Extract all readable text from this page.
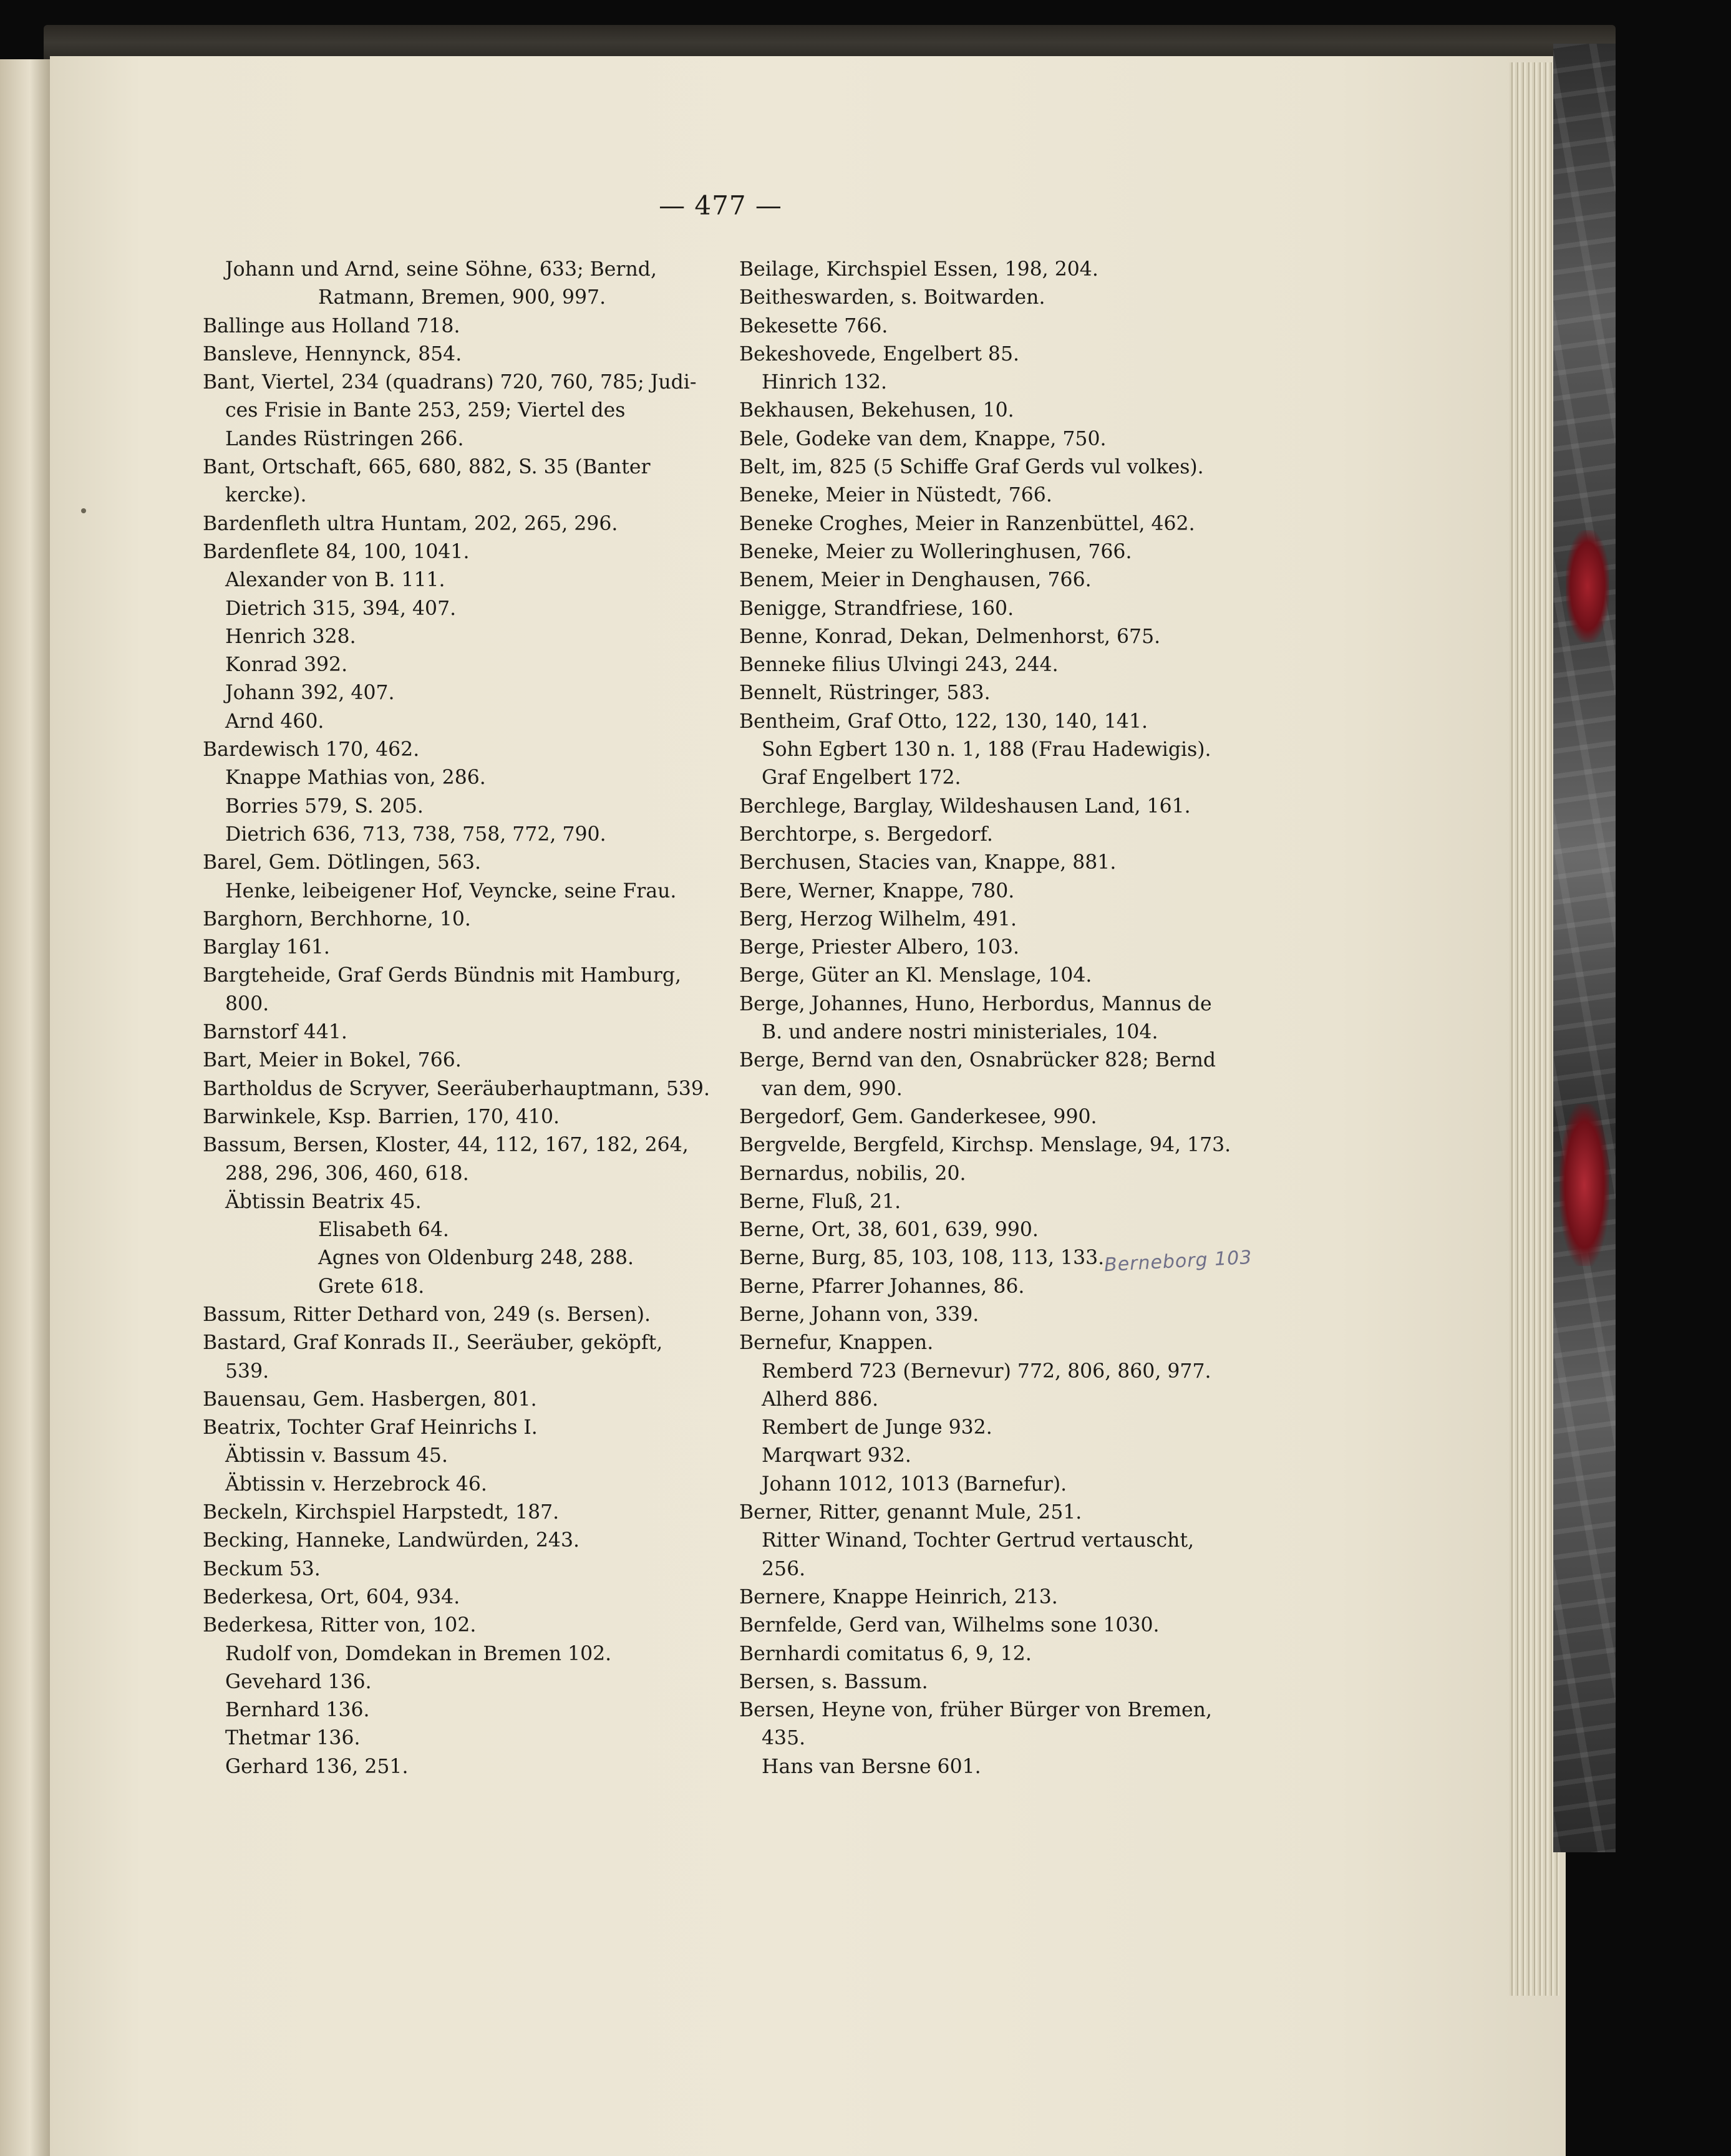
— 477 —
Johann und Arnd, seine Söhne, 633; Bernd,
Ratmann, Bremen, 900, 997.
Ballinge aus Holland 718.
Bansleve, Hennynck, 854.
Bant, Viertel, 234 (quadrans) 720, 760, 785; Judi-
ces Frisie in Bante 253, 259; Viertel des
Landes Rüstringen 266.
Bant, Ortschaft, 665, 680, 882, S. 35 (Banter
kercke).
Bardenfleth ultra Huntam, 202, 265, 296.
Bardenflete 84, 100, 1041.
Alexander von B. 111.
Dietrich 315, 394, 407.
Henrich 328.
Konrad 392.
Johann 392, 407.
Arnd 460.
Bardewisch 170, 462.
Knappe Mathias von, 286.
Borries 579, S. 205.
Dietrich 636, 713, 738, 758, 772, 790.
Barel, Gem. Dötlingen, 563.
Henke, leibeigener Hof, Veyncke, seine Frau.
Barghorn, Berchhorne, 10.
Barglay 161.
Bargteheide, Graf Gerds Bündnis mit Hamburg,
800.
Barnstorf 441.
Bart, Meier in Bokel, 766.
Bartholdus de Scryver, Seeräuberhauptmann, 539.
Barwinkele, Ksp. Barrien, 170, 410.
Bassum, Bersen, Kloster, 44, 112, 167, 182, 264,
288, 296, 306, 460, 618.
Äbtissin Beatrix 45.
Elisabeth 64.
Agnes von Oldenburg 248, 288.
Grete 618.
Bassum, Ritter Dethard von, 249 (s. Bersen).
Bastard, Graf Konrads II., Seeräuber, geköpft,
539.
Bauensau, Gem. Hasbergen, 801.
Beatrix, Tochter Graf Heinrichs I.
Äbtissin v. Bassum 45.
Äbtissin v. Herzebrock 46.
Beckeln, Kirchspiel Harpstedt, 187.
Becking, Hanneke, Landwürden, 243.
Beckum 53.
Bederkesa, Ort, 604, 934.
Bederkesa, Ritter von, 102.
Rudolf von, Domdekan in Bremen 102.
Gevehard 136.
Bernhard 136.
Thetmar 136.
Gerhard 136, 251.
Beilage, Kirchspiel Essen, 198, 204.
Beitheswarden, s. Boitwarden.
Bekesette 766.
Bekeshovede, Engelbert 85.
Hinrich 132.
Bekhausen, Bekehusen, 10.
Bele, Godeke van dem, Knappe, 750.
Belt, im, 825 (5 Schiffe Graf Gerds vul volkes).
Beneke, Meier in Nüstedt, 766.
Beneke Croghes, Meier in Ranzenbüttel, 462.
Beneke, Meier zu Wolleringhusen, 766.
Benem, Meier in Denghausen, 766.
Benigge, Strandfriese, 160.
Benne, Konrad, Dekan, Delmenhorst, 675.
Benneke filius Ulvingi 243, 244.
Bennelt, Rüstringer, 583.
Bentheim, Graf Otto, 122, 130, 140, 141.
Sohn Egbert 130 n. 1, 188 (Frau Hadewigis).
Graf Engelbert 172.
Berchlege, Barglay, Wildeshausen Land, 161.
Berchtorpe, s. Bergedorf.
Berchusen, Stacies van, Knappe, 881.
Bere, Werner, Knappe, 780.
Berg, Herzog Wilhelm, 491.
Berge, Priester Albero, 103.
Berge, Güter an Kl. Menslage, 104.
Berge, Johannes, Huno, Herbordus, Mannus de
B. und andere nostri ministeriales, 104.
Berge, Bernd van den, Osnabrücker 828; Bernd
van dem, 990.
Bergedorf, Gem. Ganderkesee, 990.
Bergvelde, Bergfeld, Kirchsp. Menslage, 94, 173.
Bernardus, nobilis, 20.
Berne, Fluß, 21.
Berne, Ort, 38, 601, 639, 990.
Berne, Burg, 85, 103, 108, 113, 133.
Berne, Pfarrer Johannes, 86.
Berne, Johann von, 339.
Bernefur, Knappen.
Remberd 723 (Bernevur) 772, 806, 860, 977.
Alherd 886.
Rembert de Junge 932.
Marqwart 932.
Johann 1012, 1013 (Barnefur).
Berner, Ritter, genannt Mule, 251.
Ritter Winand, Tochter Gertrud vertauscht,
256.
Bernere, Knappe Heinrich, 213.
Bernfelde, Gerd van, Wilhelms sone 1030.
Bernhardi comitatus 6, 9, 12.
Bersen, s. Bassum.
Bersen, Heyne von, früher Bürger von Bremen,
435.
Hans van Bersne 601.
Berneborg 103
